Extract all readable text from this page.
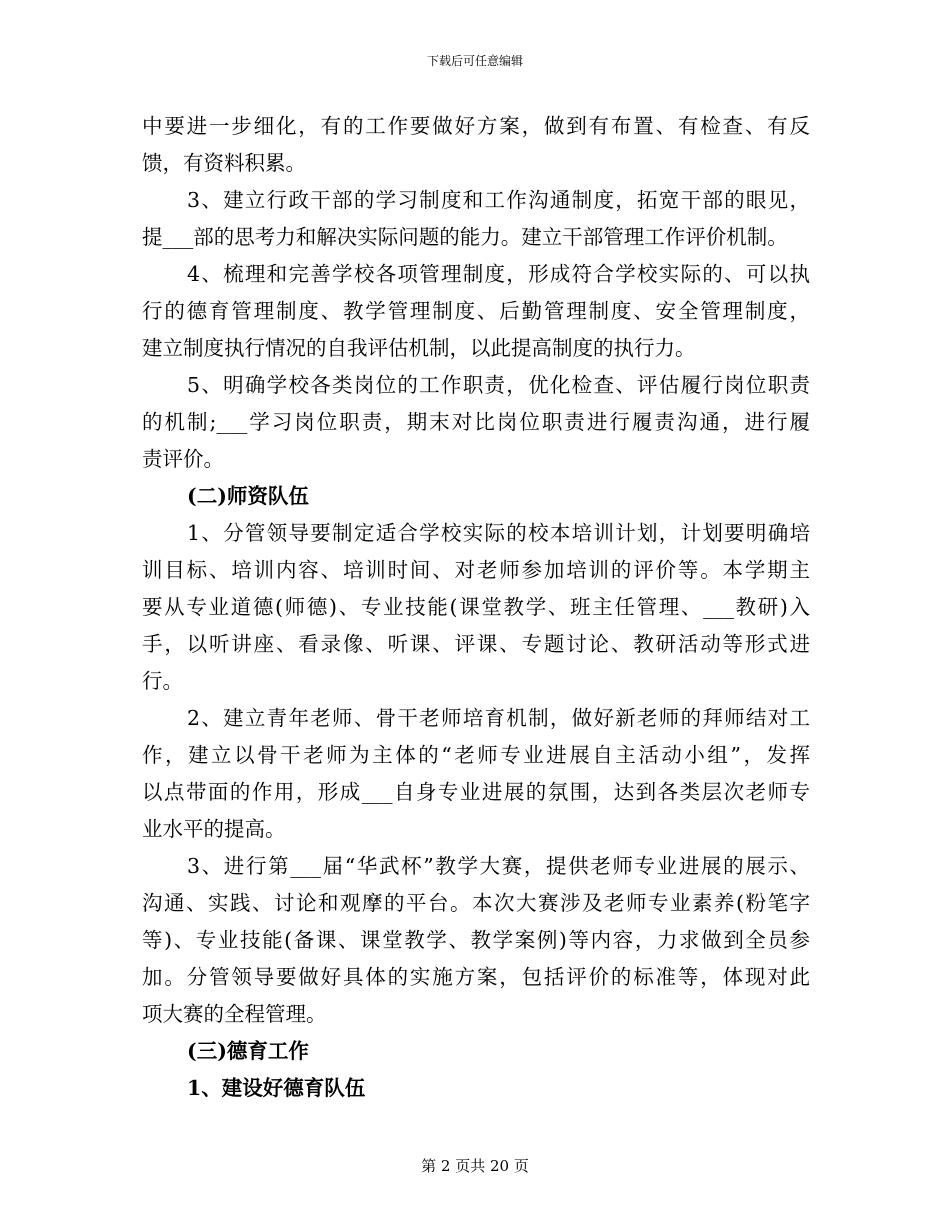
下载后可任意编辑
中要进一步细化，有的工作要做好方案，做到有布置、有检查、有反
馈，有资料积累。
3、建立行政干部的学习制度和工作沟通制度，拓宽干部的眼见，
提___部的思考力和解决实际问题的能力。建立干部管理工作评价机制。
4、梳理和完善学校各项管理制度，形成符合学校实际的、可以执
行的德育管理制度、教学管理制度、后勤管理制度、安全管理制度，
建立制度执行情况的自我评估机制，以此提高制度的执行力。
5、明确学校各类岗位的工作职责，优化检查、评估履行岗位职责
的机制;___学习岗位职责，期末对比岗位职责进行履责沟通，进行履
责评价。
(二)师资队伍
1、分管领导要制定适合学校实际的校本培训计划，计划要明确培
训目标、培训内容、培训时间、对老师参加培训的评价等。本学期主
要从专业道德(师德)、专业技能(课堂教学、班主任管理、___教研)入
手，以听讲座、看录像、听课、评课、专题讨论、教研活动等形式进
行。
2、建立青年老师、骨干老师培育机制，做好新老师的拜师结对工
作，建立以骨干老师为主体的“老师专业进展自主活动小组”，发挥
以点带面的作用，形成___自身专业进展的氛围，达到各类层次老师专
业水平的提高。
3、进行第___届“华武杯”教学大赛，提供老师专业进展的展示、
沟通、实践、讨论和观摩的平台。本次大赛涉及老师专业素养(粉笔字
等)、专业技能(备课、课堂教学、教学案例)等内容，力求做到全员参
加。分管领导要做好具体的实施方案，包括评价的标准等，体现对此
项大赛的全程管理。
(三)德育工作
1、建设好德育队伍
第 2 页共 20 页
